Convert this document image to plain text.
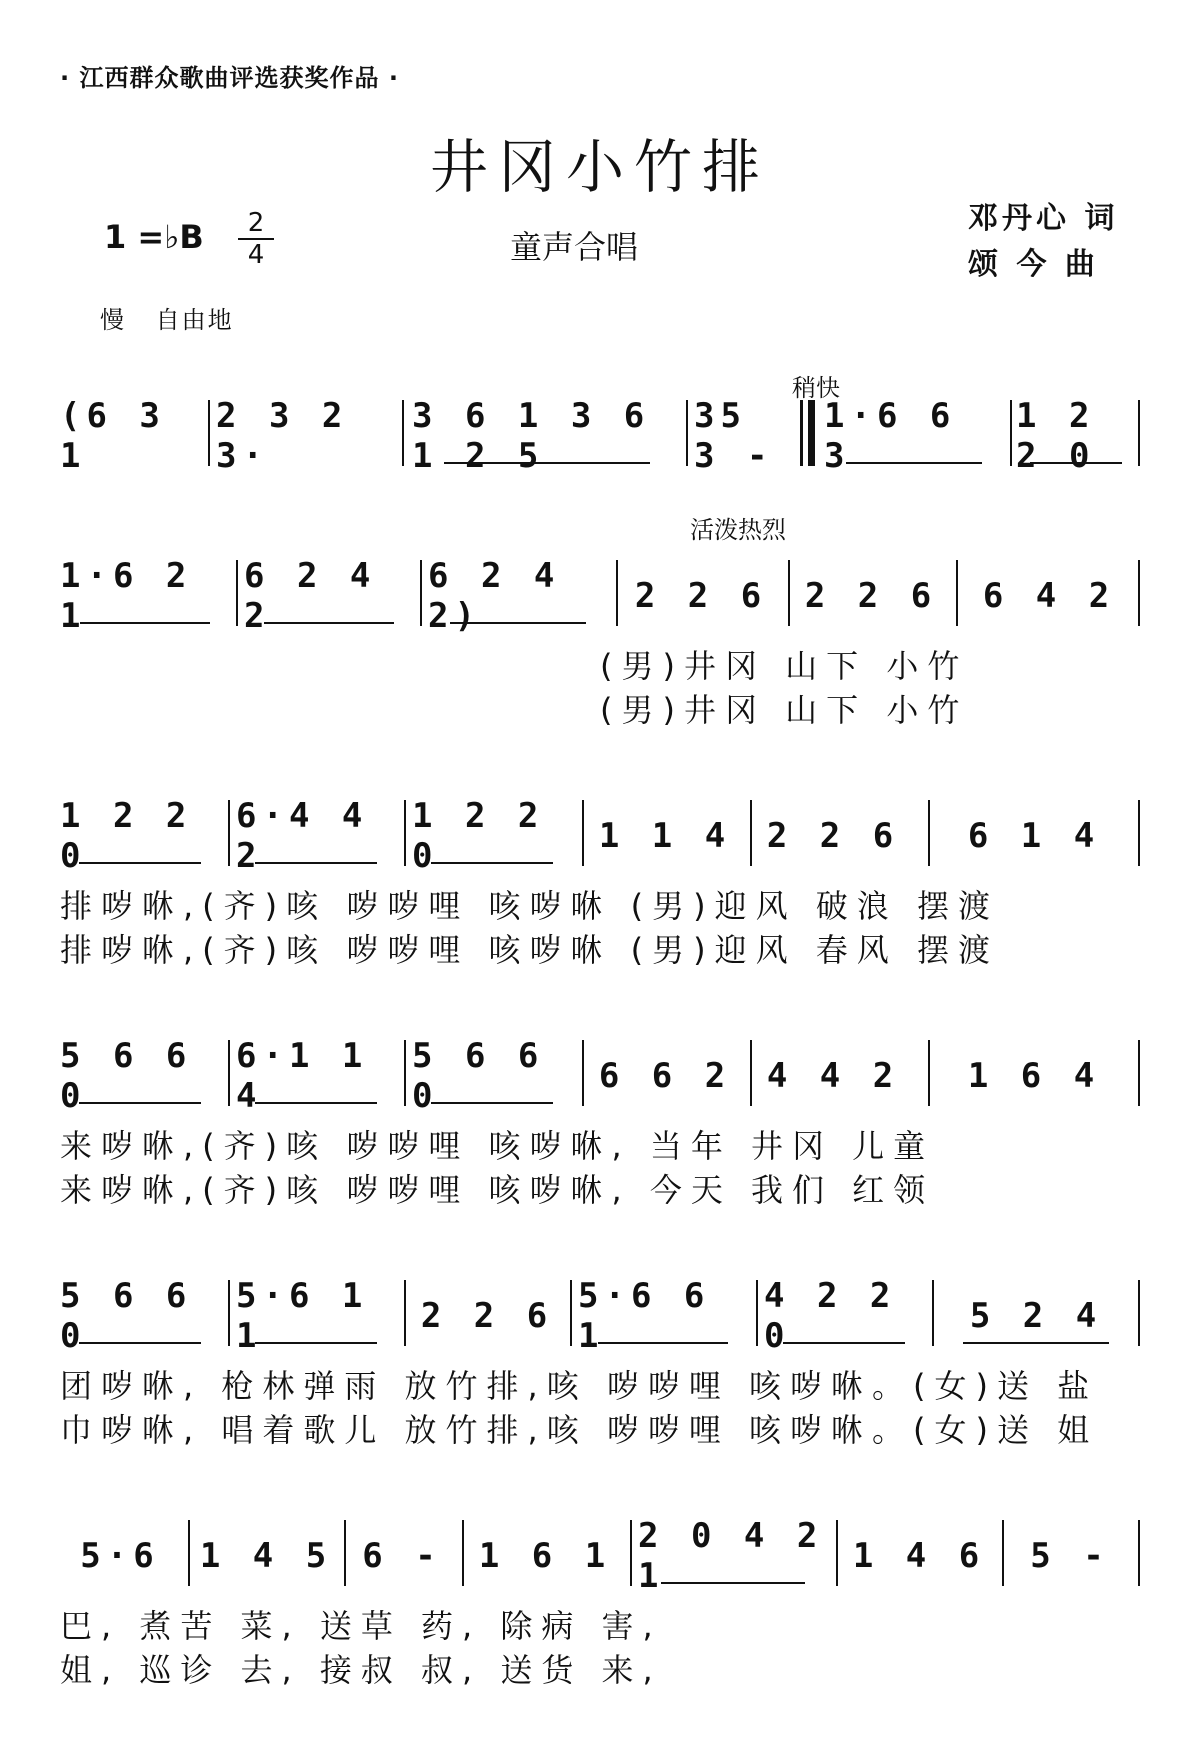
· 江西群众歌曲评选获奖作品 ·
井冈小竹排
1 =♭B	2
4	童声合唱
邓丹心 词
颂 今 曲
慢 自由地
稍快
活泼热烈
(6 3 1
2 3 2 3·
3 6 1 3 6 1 2 5
35 3 -
1·6 6 3
1 2 2 0
1·6 2 1
6 2 4 2
6 2 4 2)	2 2 6 2 2 6	6 4 2
(男)井冈 山下 小竹
(男)井冈 山下 小竹
1 2 2 0
6·4 4 2
1 2 2 0	1 1 4 2 2 6	6 1 4
排哕咻,(齐)咳 哕哕哩 咳哕咻 (男)迎风 破浪 摆渡
排哕咻,(齐)咳 哕哕哩 咳哕咻 (男)迎风 春风 摆渡
5 6 6 0
6·1 1 4
5 6 6 0	6 6 2 4 4 2	1 6 4
来哕咻,(齐)咳 哕哕哩 咳哕咻, 当年 井冈 儿童
来哕咻,(齐)咳 哕哕哩 咳哕咻, 今天 我们 红领
5 6 6 0
5·6 1 1	2 2 6 5·6 6 1
4 2 2 0	5 2 4
团哕咻, 枪林弹雨 放竹排,咳 哕哕哩 咳哕咻。(女)送 盐
巾哕咻, 唱着歌儿 放竹排,咳 哕哕哩 咳哕咻。(女)送 姐
5·6	1 4 5 6 -	1 6 1 2 0 4 2 1	1 4 6	5 -
巴, 煮苦 菜, 送草 药, 除病 害,
姐, 巡诊 去, 接叔 叔, 送货 来,
